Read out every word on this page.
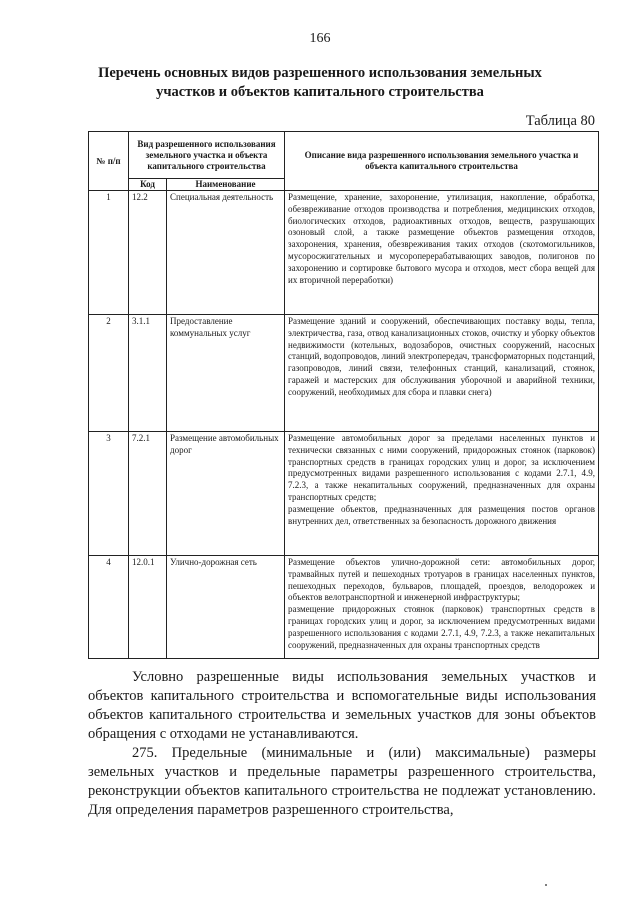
166
Перечень основных видов разрешенного использования земельных участков и объектов капитального строительства
Таблица 80
№ п/п	Вид разрешенного использования земельного участка и объекта капитального строительства		Описание вида разрешенного использования земельного участка и объекта капитального строительства
	Код	Наименование	
1	12.2	Специальная деятельность	Размещение, хранение, захоронение, утилизация, накопление, обработка, обезвреживание отходов производства и потребления, медицинских отходов, биологических отходов, радиоактивных отходов, веществ, разрушающих озоновый слой, а также размещение объектов размещения отходов, захоронения, хранения, обезвреживания таких отходов (скотомогильников, мусоросжигательных и мусороперерабатывающих заводов, полигонов по захоронению и сортировке бытового мусора и отходов, мест сбора вещей для их вторичной переработки)
2	3.1.1	Предоставление коммунальных услуг	Размещение зданий и сооружений, обеспечивающих поставку воды, тепла, электричества, газа, отвод канализационных стоков, очистку и уборку объектов недвижимости (котельных, водозаборов, очистных сооружений, насосных станций, водопроводов, линий электропередач, трансформаторных подстанций, газопроводов, линий связи, телефонных станций, канализаций, стоянок, гаражей и мастерских для обслуживания уборочной и аварийной техники, сооружений, необходимых для сбора и плавки снега)
3	7.2.1	Размещение автомобильных дорог	Размещение автомобильных дорог за пределами населенных пунктов и технически связанных с ними сооружений, придорожных стоянок (парковок) транспортных средств в границах городских улиц и дорог, за исключением предусмотренных видами разрешенного использования с кодами 2.7.1, 4.9, 7.2.3, а также некапитальных сооружений, предназначенных для охраны транспортных средств;
размещение объектов, предназначенных для размещения постов органов внутренних дел, ответственных за безопасность дорожного движения

4	12.0.1	Улично-дорожная сеть	Размещение объектов улично-дорожной сети: автомобильных дорог, трамвайных путей и пешеходных тротуаров в границах населенных пунктов, пешеходных переходов, бульваров, площадей, проездов, велодорожек и объектов велотранспортной и инженерной инфраструктуры;
размещение придорожных стоянок (парковок) транспортных средств в границах городских улиц и дорог, за исключением предусмотренных видами разрешенного использования с кодами 2.7.1, 4.9, 7.2.3, а также некапитальных сооружений, предназначенных для охраны транспортных средств

Условно разрешенные виды использования земельных участков и объектов капитального строительства и вспомогательные виды использования объектов капитального строительства и земельных участков для зоны объектов обращения с отходами не устанавливаются.

275. Предельные (минимальные и (или) максимальные) размеры земельных участков и предельные параметры разрешенного строительства, реконструкции объектов капитального строительства не подлежат установлению. Для определения параметров разрешенного строительства,
